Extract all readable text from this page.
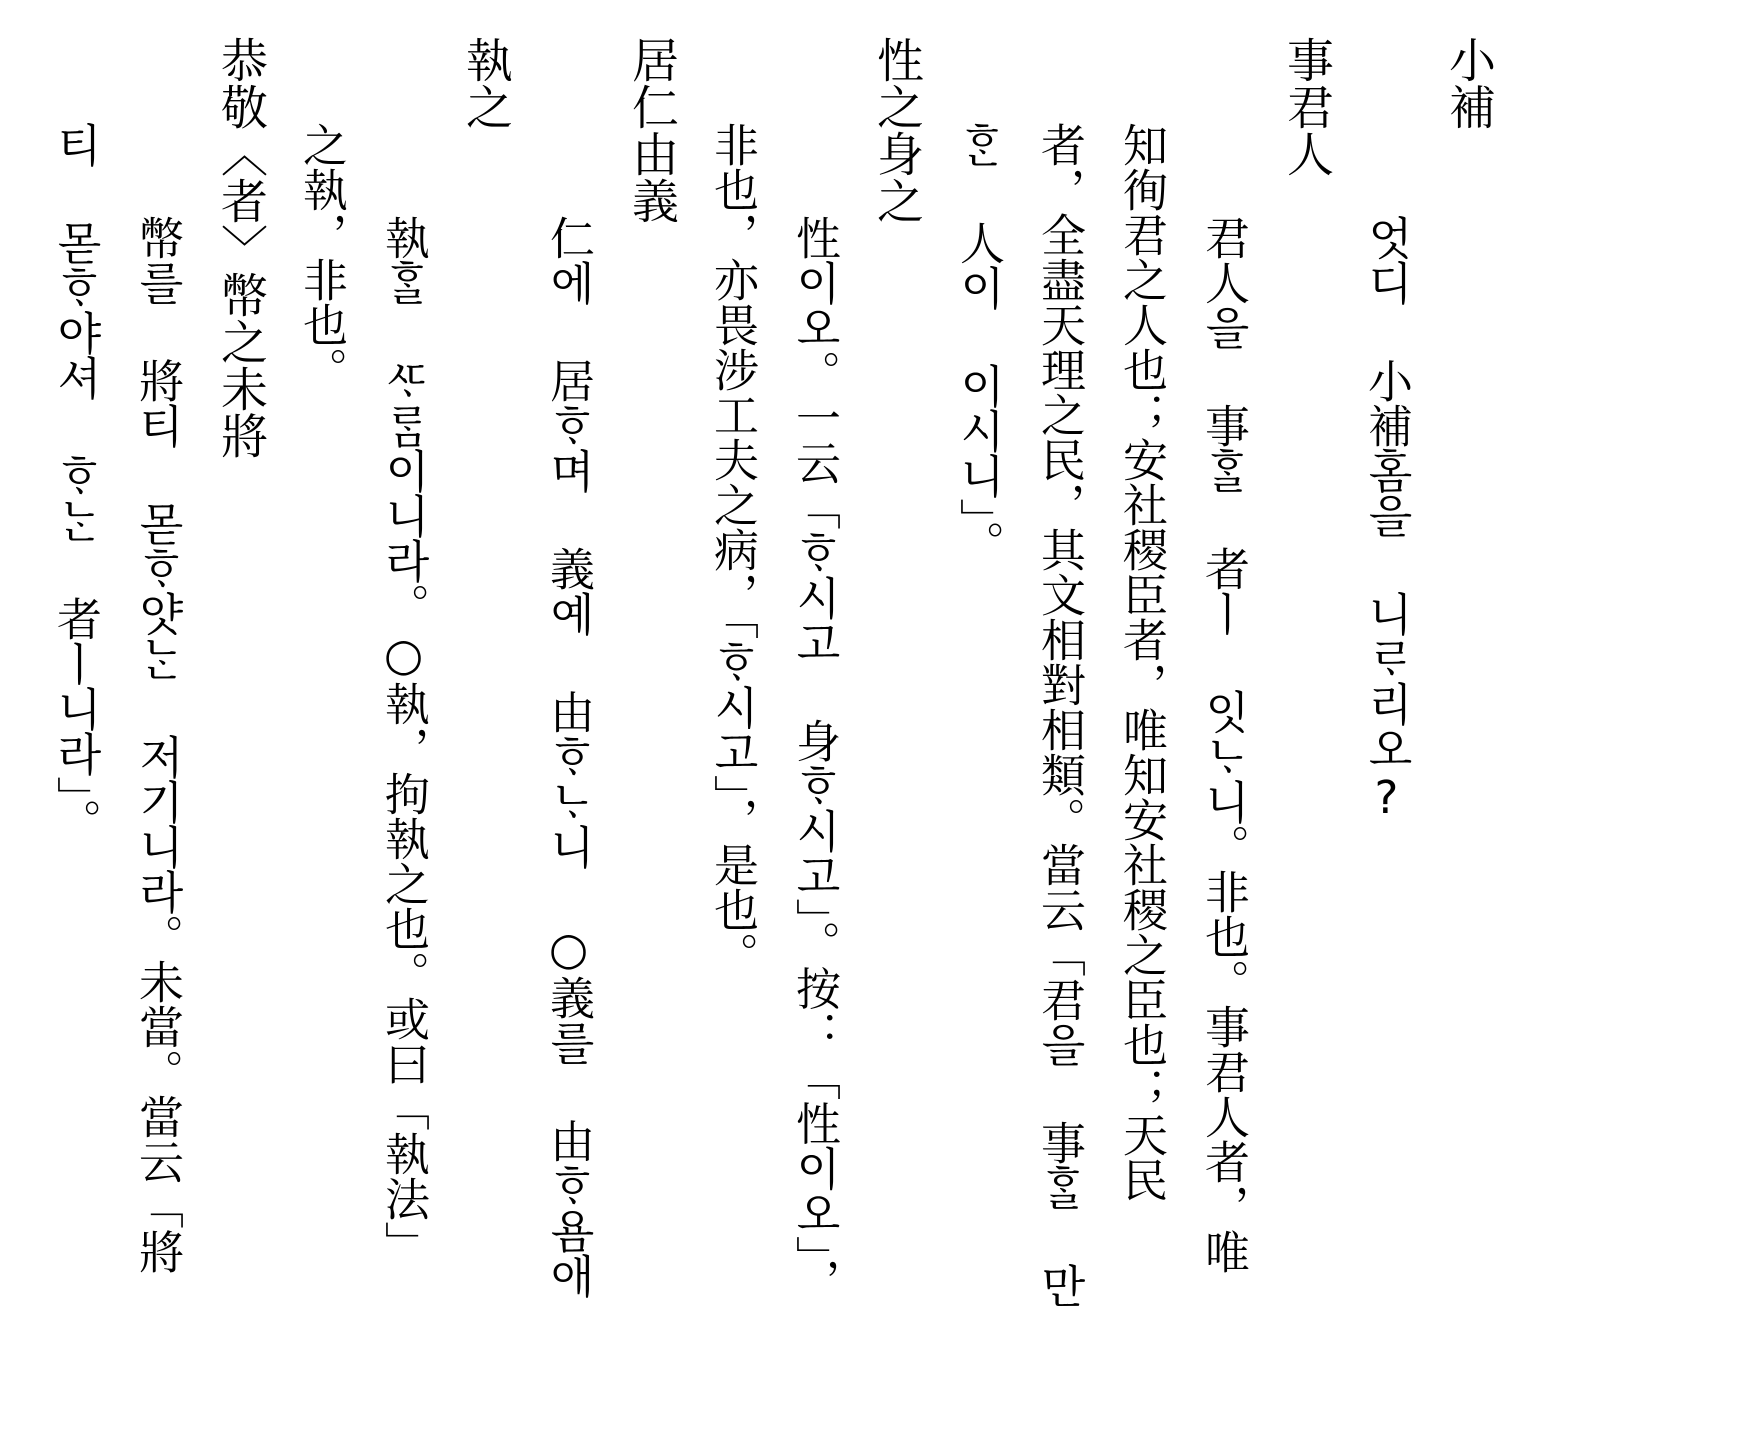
小補
엇디 小補홈을 니ᄅᆞ리오?
事君人
君人을 事ᄒᆞᆯ 者ㅣ 잇ᄂᆞ니。非也。事君人者，唯
知徇君之人也；安社稷臣者，唯知安社稷之臣也；天民
者，全盡天理之民，其文相對相類。當云「君을 事ᄒᆞᆯ 만
ᄒᆞᆫ 人이 이시니」。
性之身之
性이오。一云「ᄒᆞ시고 身ᄒᆞ시고」。按：「性이오」，
非也，亦畏涉工夫之病，「ᄒᆞ시고」，是也。
居仁由義
仁에 居ᄒᆞ며 義예 由ᄒᆞᄂᆞ니 ○義를 由ᄒᆞ욤애
執之
執ᄒᆞᆯ ᄯᆞᄅᆞᆷ이니라。○執，拘執之也。或曰「執法」
之執，非也。
恭敬〈者〉幣之未將
幣를 將티 몯ᄒᆞ얏ᄂᆞᆫ 저기니라。未當。當云「將
티 몯ᄒᆞ야셔 ᄒᆞᄂᆞᆫ 者ㅣ니라」。
